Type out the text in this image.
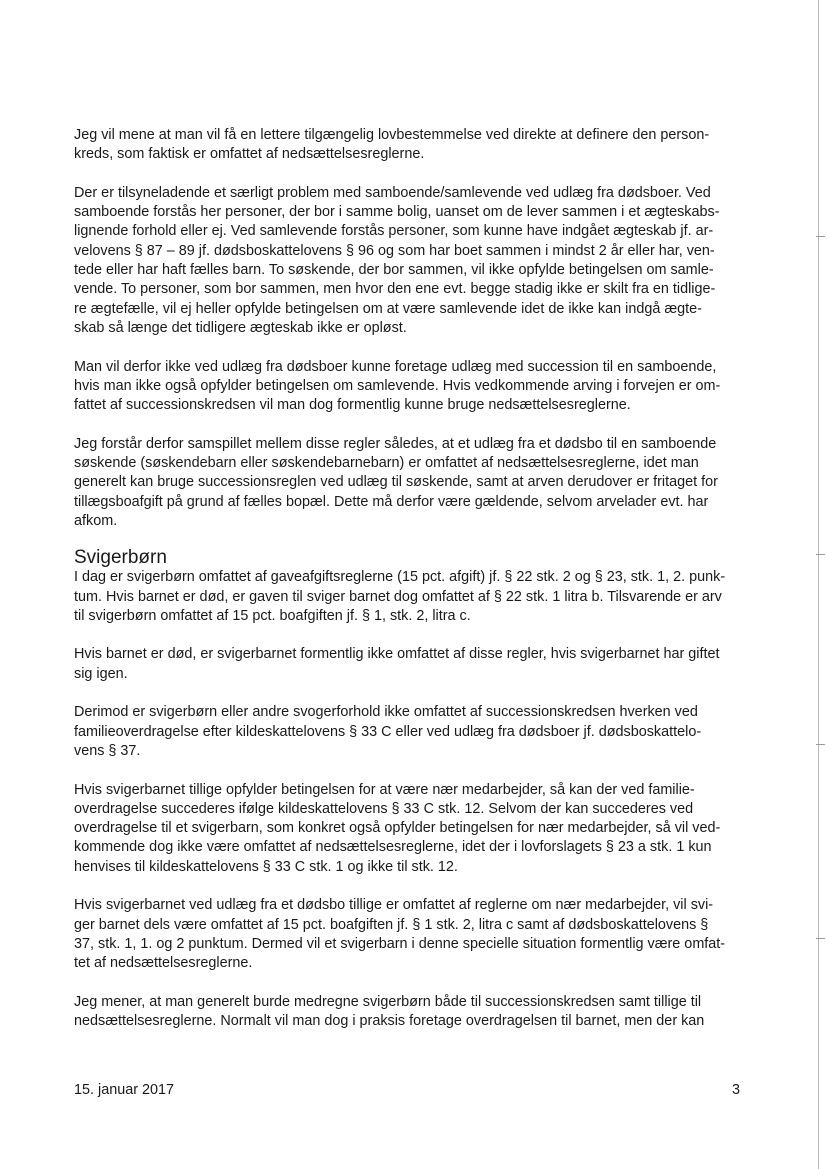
Jeg vil mene at man vil få en lettere tilgængelig lovbestemmelse ved direkte at definere den person-
kreds, som faktisk er omfattet af nedsættelsesreglerne.

Der er tilsyneladende et særligt problem med samboende/samlevende ved udlæg fra dødsboer. Ved
samboende forstås her personer, der bor i samme bolig, uanset om de lever sammen i et ægteskabs-
lignende forhold eller ej. Ved samlevende forstås personer, som kunne have indgået ægteskab jf. ar-
velovens § 87 – 89 jf. dødsboskattelovens § 96 og som har boet sammen i mindst 2 år eller har, ven-
tede eller har haft fælles barn. To søskende, der bor sammen, vil ikke opfylde betingelsen om samle-
vende. To personer, som bor sammen, men hvor den ene evt. begge stadig ikke er skilt fra en tidlige-
re ægtefælle, vil ej heller opfylde betingelsen om at være samlevende idet de ikke kan indgå ægte-
skab så længe det tidligere ægteskab ikke er opløst.

Man vil derfor ikke ved udlæg fra dødsboer kunne foretage udlæg med succession til en samboende,
hvis man ikke også opfylder betingelsen om samlevende. Hvis vedkommende arving i forvejen er om-
fattet af successionskredsen vil man dog formentlig kunne bruge nedsættelsesreglerne.

Jeg forstår derfor samspillet mellem disse regler således, at et udlæg fra et dødsbo til en samboende
søskende (søskendebarn eller søskendebarnebarn) er omfattet af nedsættelsesreglerne, idet man
generelt kan bruge successionsreglen ved udlæg til søskende, samt at arven derudover er fritaget for
tillægsboafgift på grund af fælles bopæl. Dette må derfor være gældende, selvom arvelader evt. har
afkom.

Svigerbørn

I dag er svigerbørn omfattet af gaveafgiftsreglerne (15 pct. afgift) jf. § 22 stk. 2 og § 23, stk. 1, 2. punk-
tum. Hvis barnet er død, er gaven til sviger barnet dog omfattet af § 22 stk. 1 litra b. Tilsvarende er arv
til svigerbørn omfattet af 15 pct. boafgiften jf. § 1, stk. 2, litra c.

Hvis barnet er død, er svigerbarnet formentlig ikke omfattet af disse regler, hvis svigerbarnet har giftet
sig igen.

Derimod er svigerbørn eller andre svogerforhold ikke omfattet af successionskredsen hverken ved
familieoverdragelse efter kildeskattelovens § 33 C eller ved udlæg fra dødsboer jf. dødsboskattelo-
vens § 37.

Hvis svigerbarnet tillige opfylder betingelsen for at være nær medarbejder, så kan der ved familie-
overdragelse succederes ifølge kildeskattelovens § 33 C stk. 12. Selvom der kan succederes ved
overdragelse til et svigerbarn, som konkret også opfylder betingelsen for nær medarbejder, så vil ved-
kommende dog ikke være omfattet af nedsættelsesreglerne, idet der i lovforslagets § 23 a stk. 1 kun
henvises til kildeskattelovens § 33 C stk. 1 og ikke til stk. 12.

Hvis svigerbarnet ved udlæg fra et dødsbo tillige er omfattet af reglerne om nær medarbejder, vil svi-
ger barnet dels være omfattet af 15 pct. boafgiften jf. § 1 stk. 2, litra c samt af dødsboskattelovens §
37, stk. 1, 1. og 2 punktum. Dermed vil et svigerbarn i denne specielle situation formentlig være omfat-
tet af nedsættelsesreglerne.

Jeg mener, at man generelt burde medregne svigerbørn både til successionskredsen samt tillige til
nedsættelsesreglerne. Normalt vil man dog i praksis foretage overdragelsen til barnet, men der kan

15. januar 2017	3
